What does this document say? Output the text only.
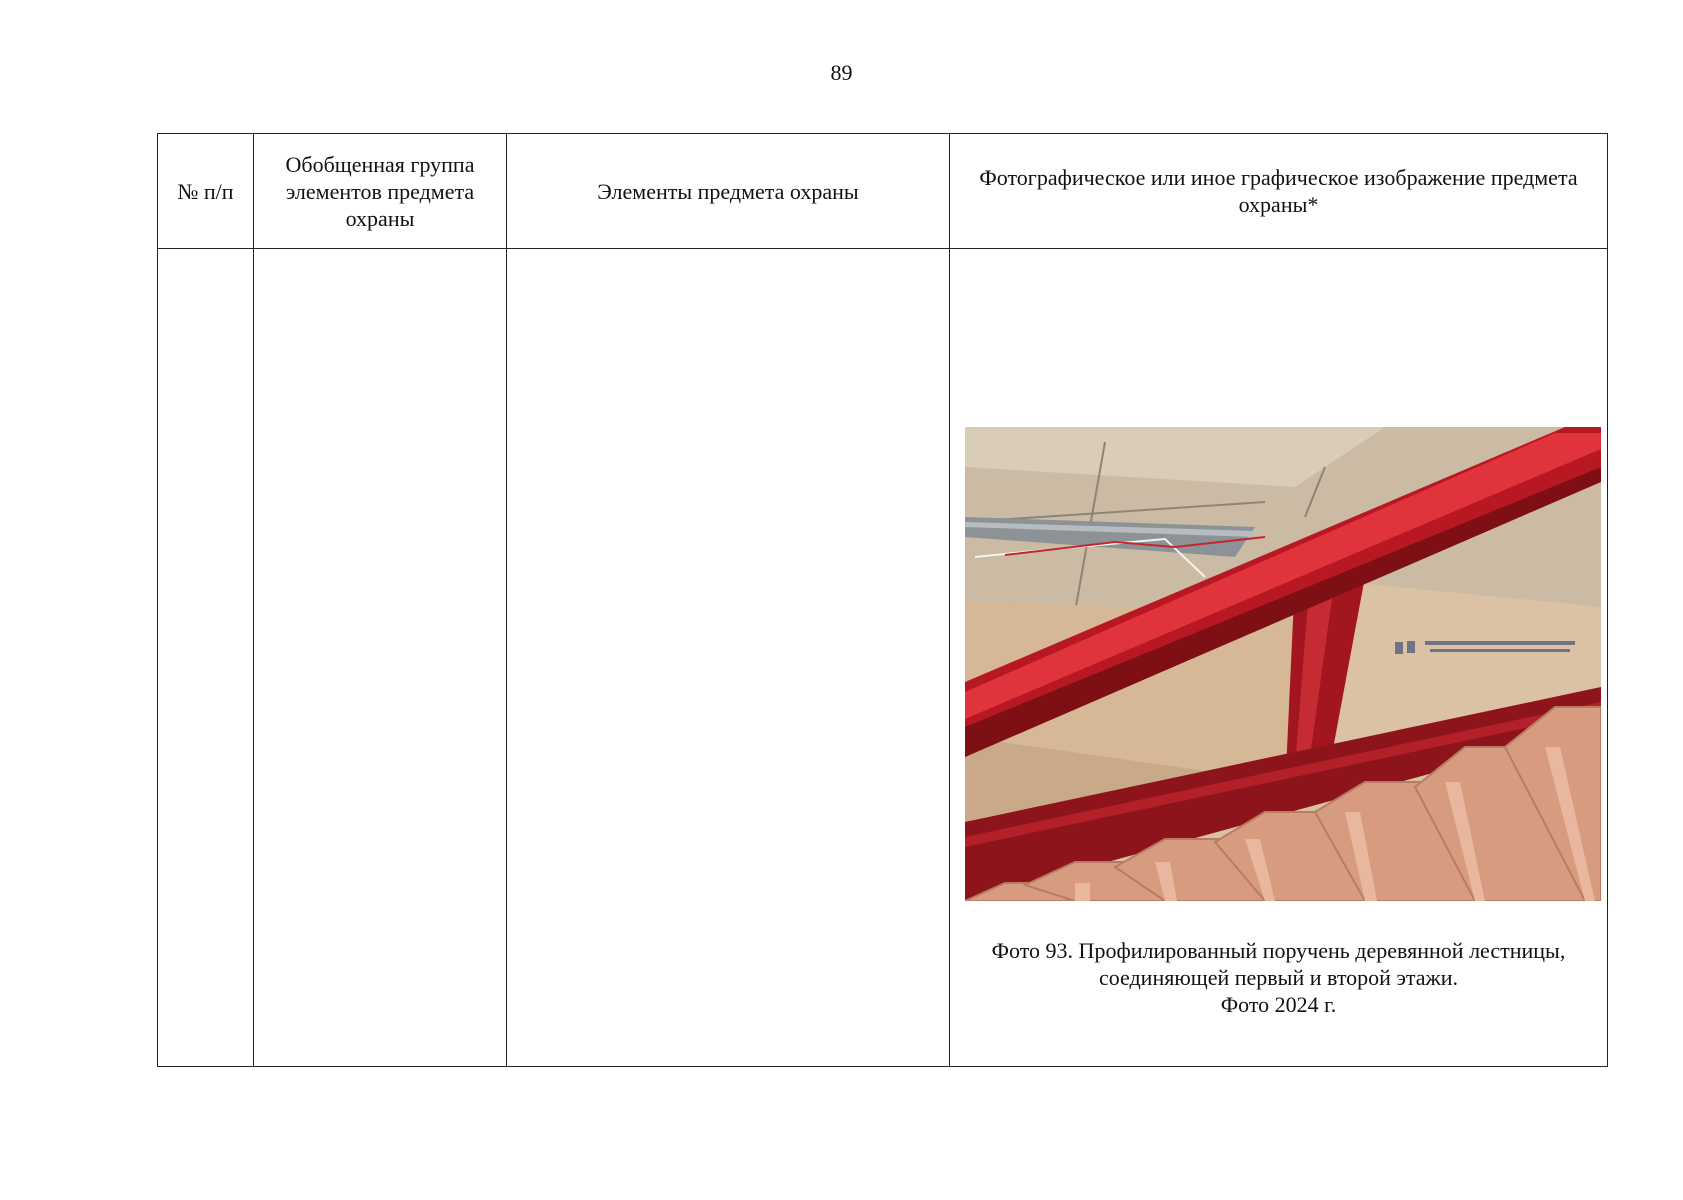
89
№ п/п	Обобщенная группа элементов предмета охраны	Элементы предмета охраны	Фотографическое или иное графическое изображение предмета охраны*

			Фото 93. Профилированный поручень деревянной лестницы,
соединяющей первый и второй этажи.
Фото 2024 г.
